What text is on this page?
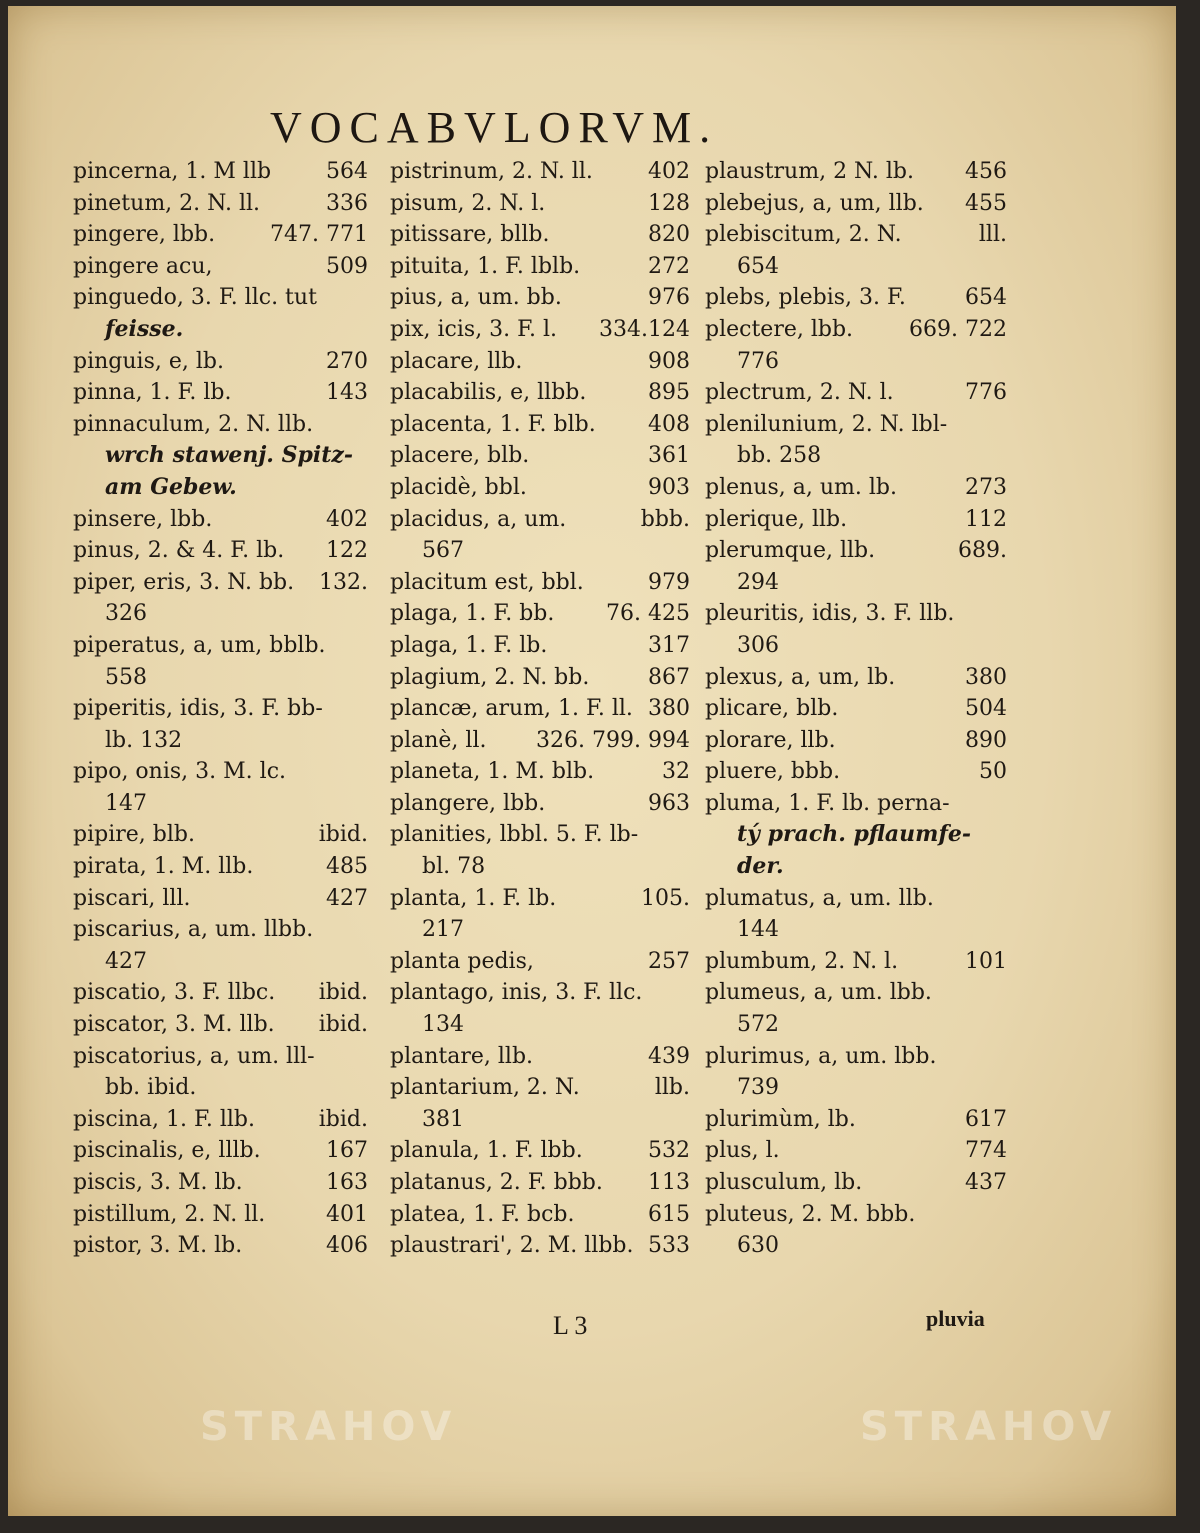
VOCABVLORVM.
pincerna, 1. M llb 564
pinetum, 2. N. ll.	336
pingere, lbb. 747. 771
pingere acu,	509
pinguedo, 3. F. llc. tut
feisse.
pinguis, e, lb.	270
pinna, 1. F. lb.	143
pinnaculum, 2. N. llb.
wrch stawenj. Spitz-
am Gebew.
pinsere, lbb.	402
pinus, 2. & 4. F. lb. 122
piper, eris, 3. N. bb. 132.
326
piperatus, a, um, bblb.
558
piperitis, idis, 3. F. bb-
lb. 132
pipo, onis, 3. M. lc.
147
pipire, blb.	ibid.
pirata, 1. M. llb.	485
piscari, lll.	427
piscarius, a, um. llbb.
427
piscatio, 3. F. llbc. ibid.
piscator, 3. M. llb. ibid.
piscatorius, a, um. lll-
bb. ibid.
piscina, 1. F. llb.	ibid.
piscinalis, e, lllb.	167
piscis, 3. M. lb.	163
pistillum, 2. N. ll.	401
pistor, 3. M. lb.	406
pistrinum, 2. N. ll.	402
pisum, 2. N. l.	128
pitissare, bllb.	820
pituita, 1. F. lblb.	272
pius, a, um. bb.	976
pix, icis, 3. F. l. 334.124
placare, llb.	908
placabilis, e, llbb.	895
placenta, 1. F. blb. 408
placere, blb.	361
placidè, bbl.	903
placidus, a, um.	bbb.
567
placitum est, bbl.	979
plaga, 1. F. bb. 76. 425
plaga, 1. F. lb.	317
plagium, 2. N. bb.	867
plancæ, arum, 1. F. ll. 380
planè, ll. 326. 799. 994
planeta, 1. M. blb.	32
plangere, lbb.	963
planities, lbbl. 5. F. lb-
bl. 78
planta, 1. F. lb.	105.
217
planta pedis,	257
plantago, inis, 3. F. llc.
134
plantare, llb.	439
plantarium, 2. N.	llb.
381
planula, 1. F. lbb.	532
platanus, 2. F. bbb. 113
platea, 1. F. bcb.	615
plaustrari', 2. M. llbb. 533
plaustrum, 2 N. lb. 456
plebejus, a, um, llb. 455
plebiscitum, 2. N.	lll.
654
plebs, plebis, 3. F.	654
plectere, lbb.	669. 722
776
plectrum, 2. N. l.	776
plenilunium, 2. N. lbl-
bb. 258
plenus, a, um. lb.	273
plerique, llb.	112
plerumque, llb.	689.
294
pleuritis, idis, 3. F. llb.
306
plexus, a, um, lb.	380
plicare, blb.	504
plorare, llb.	890
pluere, bbb.	50
pluma, 1. F. lb. perna-
tý prach. pflaumfe-
der.
plumatus, a, um. llb.
144
plumbum, 2. N. l.	101
plumeus, a, um. lbb.
572
plurimus, a, um. lbb.
739
plurimùm, lb.	617
plus, l.	774
plusculum, lb.	437
pluteus, 2. M. bbb.
630
L 3	pluvia
STRAHOV	STRAHOV
